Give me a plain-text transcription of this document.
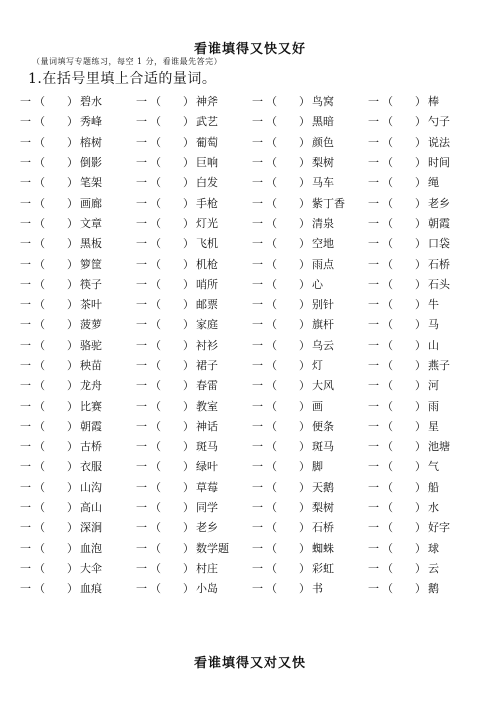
看谁填得又快又好
（量词填写专题练习，每空 1 分，看谁最先答完）
1.在括号里填上合适的量词。
一 （　　） 碧水	一 （　　） 神斧	一 （　　） 鸟窝	一 （　　） 棒
一 （　　） 秀峰	一 （　　） 武艺	一 （　　） 黑暗	一 （　　） 勺子
一 （　　） 榕树	一 （　　） 葡萄	一 （　　） 颜色	一 （　　） 说法
一 （　　） 倒影	一 （　　） 巨响	一 （　　） 梨树	一 （　　） 时间
一 （　　） 笔架	一 （　　） 白发	一 （　　） 马车	一 （　　） 绳
一 （　　） 画廊	一 （　　） 手枪	一 （　　） 紫丁香 一 （　　） 老乡
一 （　　） 文章	一 （　　） 灯光	一 （　　） 清泉	一 （　　） 朝霞
一 （　　） 黑板	一 （　　） 飞机	一 （　　） 空地	一 （　　） 口袋
一 （　　） 箩筐	一 （　　） 机枪	一 （　　） 雨点	一 （　　） 石桥
一 （　　） 筷子	一 （　　） 哨所	一 （　　） 心	一 （　　） 石头
一 （　　） 茶叶	一 （　　） 邮票	一 （　　） 别针	一 （　　） 牛
一 （　　） 菠萝	一 （　　） 家庭	一 （　　） 旗杆	一 （　　） 马
一 （　　） 骆驼	一 （　　） 衬衫	一 （　　） 乌云	一 （　　） 山
一 （　　） 秧苗	一 （　　） 裙子	一 （　　） 灯	一 （　　） 燕子
一 （　　） 龙舟	一 （　　） 春雷	一 （　　） 大风	一 （　　） 河
一 （　　） 比赛	一 （　　） 教室	一 （　　） 画	一 （　　） 雨
一 （　　） 朝霞	一 （　　） 神话	一 （　　） 便条	一 （　　） 星
一 （　　） 古桥	一 （　　） 斑马	一 （　　） 斑马	一 （　　） 池塘
一 （　　） 衣服	一 （　　） 绿叶	一 （　　） 脚	一 （　　） 气
一 （　　） 山沟	一 （　　） 草莓	一 （　　） 天鹅	一 （　　） 船
一 （　　） 高山	一 （　　） 同学	一 （　　） 梨树	一 （　　） 水
一 （　　） 深涧	一 （　　） 老乡	一 （　　） 石桥	一 （　　） 好字
一 （　　） 血泡	一 （　　） 数学题 一 （　　） 蜘蛛	一 （　　） 球
一 （　　） 大伞	一 （　　） 村庄	一 （　　） 彩虹	一 （　　） 云
一 （　　） 血痕	一 （　　） 小岛	一 （　　） 书	一 （　　） 鹅
看谁填得又对又快
